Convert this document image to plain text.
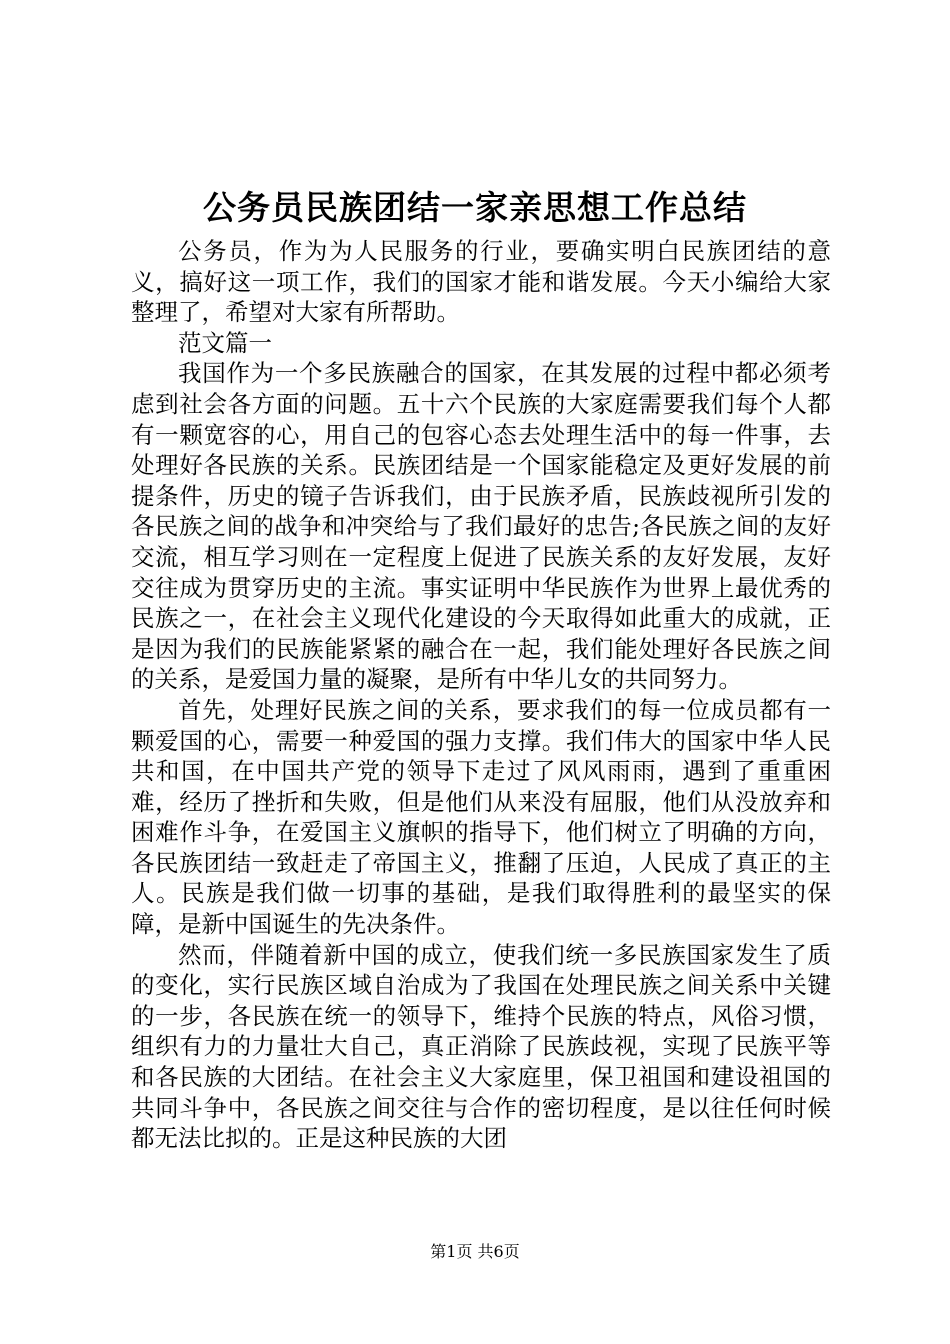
公务员民族团结一家亲思想工作总结

公务员，作为为人民服务的行业，要确实明白民族团结的意义，搞好这一项工作，我们的国家才能和谐发展。今天小编给大家整理了，希望对大家有所帮助。

范文篇一

我国作为一个多民族融合的国家，在其发展的过程中都必须考虑到社会各方面的问题。五十六个民族的大家庭需要我们每个人都有一颗宽容的心，用自己的包容心态去处理生活中的每一件事，去处理好各民族的关系。民族团结是一个国家能稳定及更好发展的前提条件，历史的镜子告诉我们，由于民族矛盾，民族歧视所引发的各民族之间的战争和冲突给与了我们最好的忠告;各民族之间的友好交流，相互学习则在一定程度上促进了民族关系的友好发展，友好交往成为贯穿历史的主流。事实证明中华民族作为世界上最优秀的民族之一，在社会主义现代化建设的今天取得如此重大的成就，正是因为我们的民族能紧紧的融合在一起，我们能处理好各民族之间的关系，是爱国力量的凝聚，是所有中华儿女的共同努力。

首先，处理好民族之间的关系，要求我们的每一位成员都有一颗爱国的心，需要一种爱国的强力支撑。我们伟大的国家中华人民共和国，在中国共产党的领导下走过了风风雨雨，遇到了重重困难，经历了挫折和失败，但是他们从来没有屈服，他们从没放弃和困难作斗争，在爱国主义旗帜的指导下，他们树立了明确的方向，各民族团结一致赶走了帝国主义，推翻了压迫，人民成了真正的主人。民族是我们做一切事的基础，是我们取得胜利的最坚实的保障，是新中国诞生的先决条件。

然而，伴随着新中国的成立，使我们统一多民族国家发生了质的变化，实行民族区域自治成为了我国在处理民族之间关系中关键的一步，各民族在统一的领导下，维持个民族的特点，风俗习惯，组织有力的力量壮大自己，真正消除了民族歧视，实现了民族平等和各民族的大团结。在社会主义大家庭里，保卫祖国和建设祖国的共同斗争中，各民族之间交往与合作的密切程度，是以往任何时候都无法比拟的。正是这种民族的大团

第1页 共6页
